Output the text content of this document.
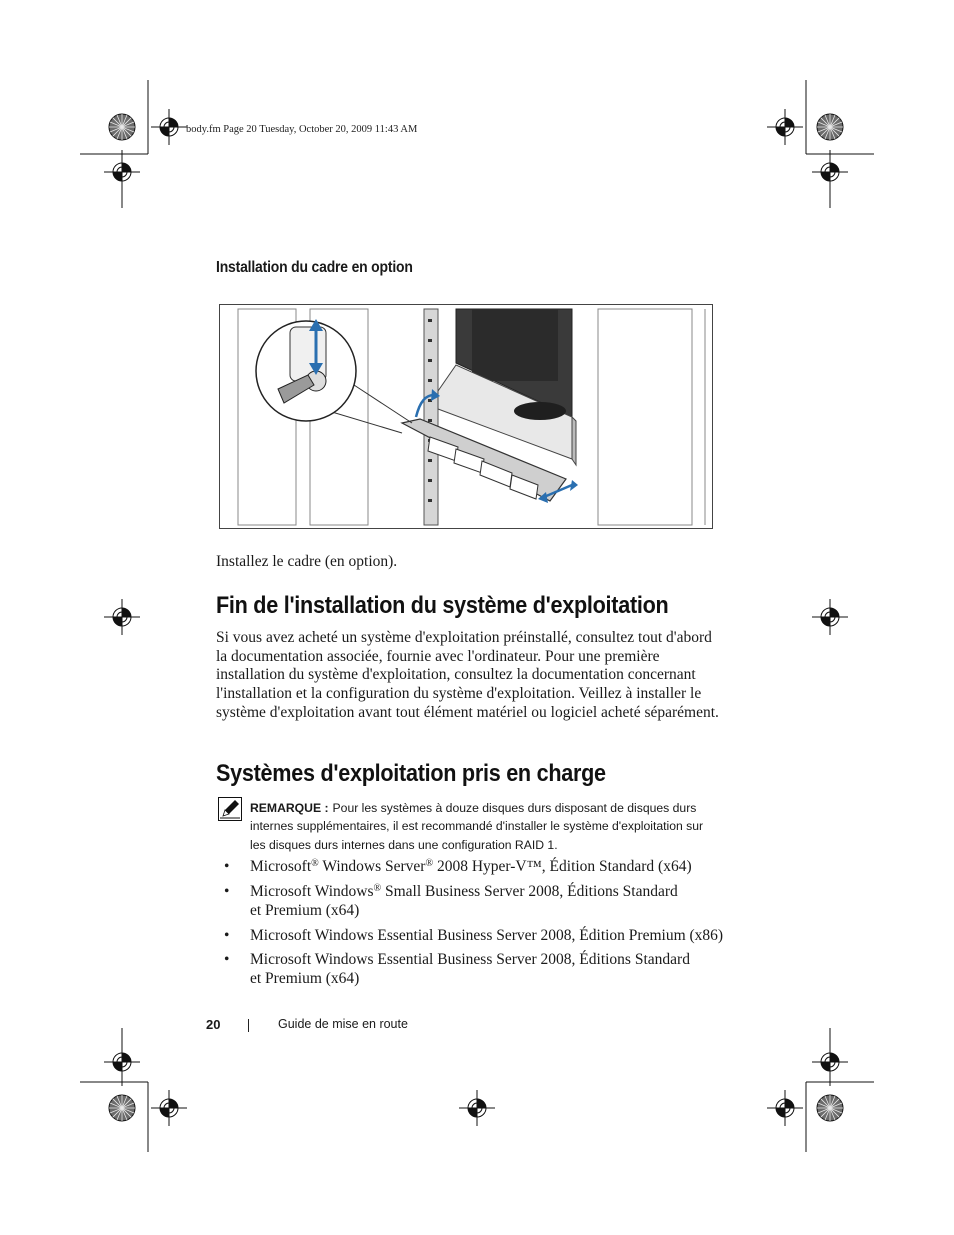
body.fm Page 20 Tuesday, October 20, 2009 11:43 AM
Installation du cadre en option
Installez le cadre (en option).
Fin de l'installation du système d'exploitation
Si vous avez acheté un système d'exploitation préinstallé, consultez tout d'abord la documentation associée, fournie avec l'ordinateur. Pour une première installation du système d'exploitation, consultez la documentation concernant l'installation et la configuration du système d'exploitation. Veillez à installer le système d'exploitation avant tout élément matériel ou logiciel acheté séparément.
Systèmes d'exploitation pris en charge
REMARQUE : Pour les systèmes à douze disques durs disposant de disques durs internes supplémentaires, il est recommandé d'installer le système d'exploitation sur les disques durs internes dans une configuration RAID 1.
• Microsoft® Windows Server® 2008 Hyper-V™, Édition Standard (x64)
• Microsoft Windows® Small Business Server 2008, Éditions Standard et Premium (x64)
• Microsoft Windows Essential Business Server 2008, Édition Premium (x86)
• Microsoft Windows Essential Business Server 2008, Éditions Standard et Premium (x64)
20	Guide de mise en route
